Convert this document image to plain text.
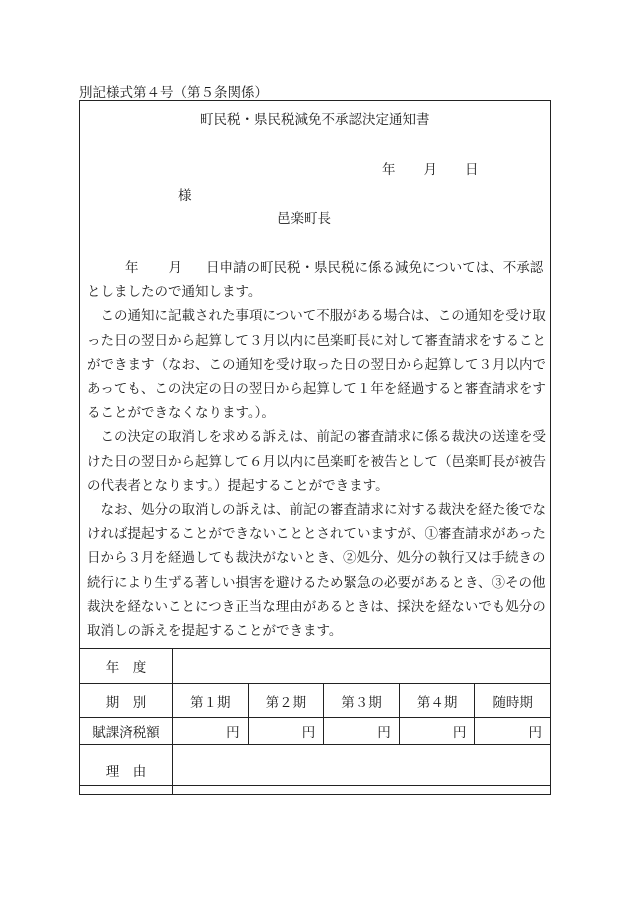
別記様式第４号（第５条関係）
町民税・県民税減免不承認決定通知書
年 月 日
様
邑楽町長

年 月 日申請の町民税・県民税に係る減免については、不承認

としましたので通知します。

この通知に記載された事項について不服がある場合は、この通知を受け取った日の翌日から起算して３月以内に邑楽町長に対して審査請求をすることができます（なお、この通知を受け取った日の翌日から起算して３月以内であっても、この決定の日の翌日から起算して１年を経過すると審査請求をすることができなくなります。）。

この決定の取消しを求める訴えは、前記の審査請求に係る裁決の送達を受けた日の翌日から起算して６月以内に邑楽町を被告として（邑楽町長が被告の代表者となります。）提起することができます。

なお、処分の取消しの訴えは、前記の審査請求に対する裁決を経た後でなければ提起することができないこととされていますが、①審査請求があった日から３月を経過しても裁決がないとき、②処分、処分の執行又は手続きの続行により生ずる著しい損害を避けるため緊急の必要があるとき、③その他裁決を経ないことにつき正当な理由があるときは、採決を経ないでも処分の取消しの訴えを提起することができます。

年　度					
期　別	第１期	第２期	第３期	第４期	随時期
賦課済税額	円	円	円	円	円
理　由					
